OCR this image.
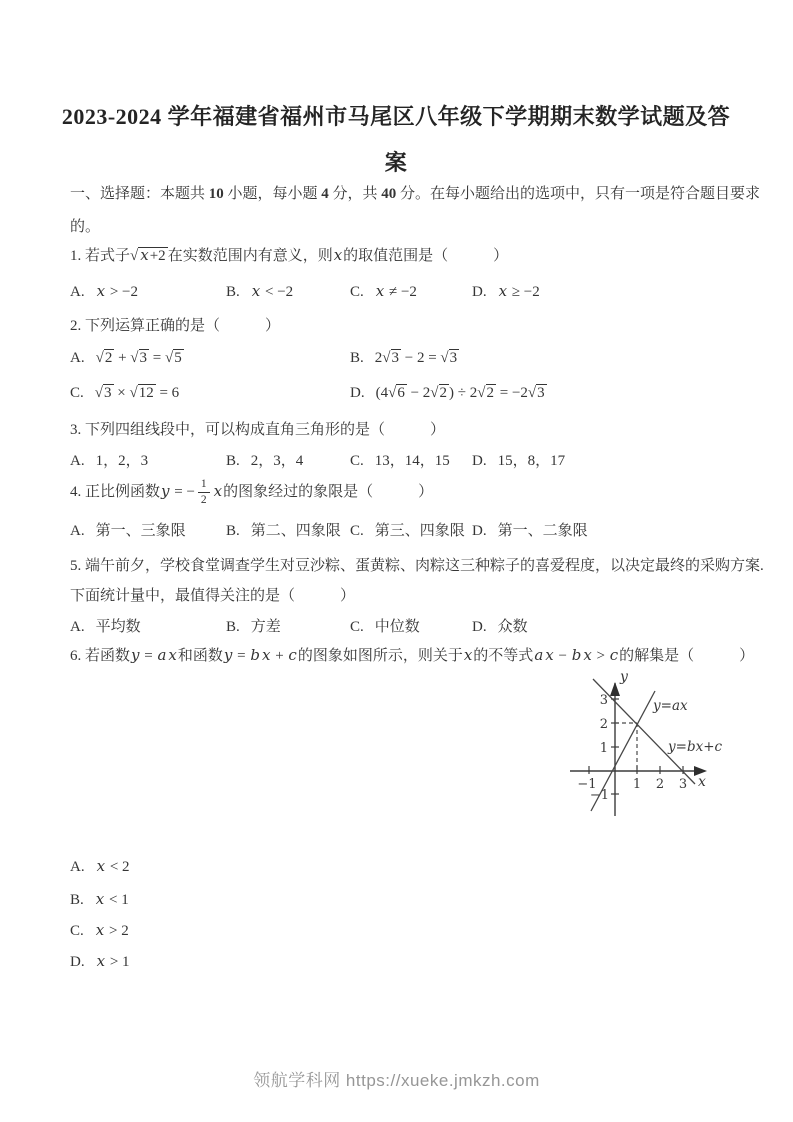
2023-2024 学年福建省福州市马尾区八年级下学期期末数学试题及答案
一、选择题：本题共 10 小题，每小题 4 分，共 40 分。在每小题给出的选项中，只有一项是符合题目要求
的。
1. 若式子√ x+2 在实数范围内有意义，则x的取值范围是（　　　）
A. x > −2	B. x < −2	C. x ≠ −2	D. x ≥ −2
2. 下列运算正确的是（　　　）
A. √2 + √3 = √5	B. 2√3 − 2 = √3
C. √3 × √12 = 6	D. (4√6 − 2√2 ) ÷ 2√2 = −2√3
3. 下列四组线段中，可以构成直角三角形的是（　　　）
A. 1，2，3	B. 2，3，4	C. 13，14，15 D. 15，8，17
4. 正比例函数y = − $\frac{1}{2}$ x 的图象经过的象限是（　　　）
A. 第一、三象限	B. 第二、四象限 C. 第三、四象限 D. 第一、二象限
5. 端午前夕，学校食堂调查学生对豆沙粽、蛋黄粽、肉粽这三种粽子的喜爱程度，以决定最终的采购方案.
下面统计量中，最值得关注的是（　　　）
A. 平均数	B. 方差	C. 中位数	D. 众数
6. 若函数y = a x和函数y = b x + c的图象如图所示，则关于x的不等式a x − b x > c的解集是（　　　）
y
x
3
2
1
−1
−1	1 2 3
y=ax
y=bx+c
A. x < 2
B. x < 1
C. x > 2
D. x > 1
领航学科网 https://xueke.jmkzh.com
